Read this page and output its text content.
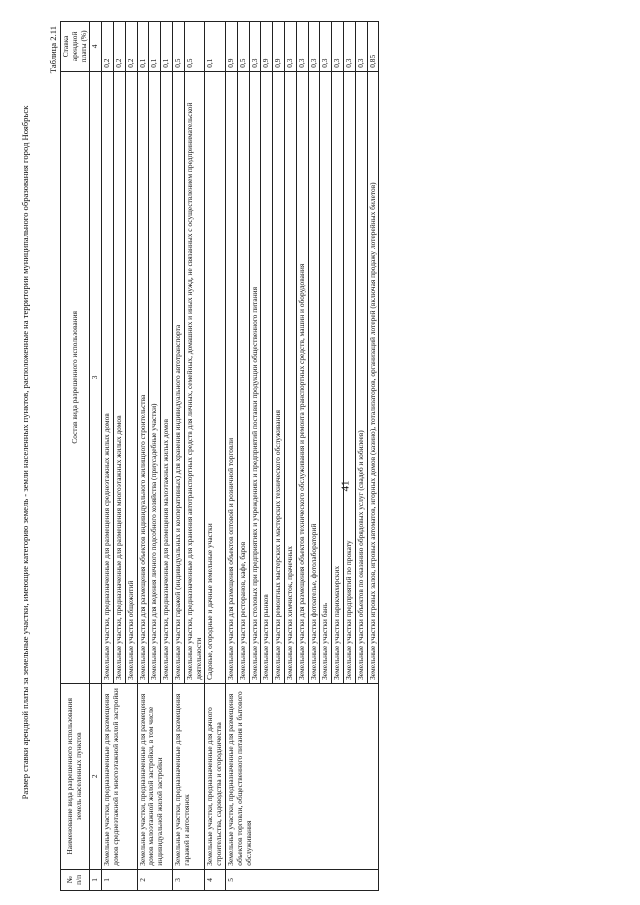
41
Размер ставки арендной платы за земельные участки, имеющие категорию земель - земли населенных пунктов, расположенные на территории муниципального образования город Ноябрьск
Таблица 2.11
№ п/п	Наименование вида разрешенного использования земель населенных пунктов	Состав вида разрешенного использования	Ставка арендной платы (%)
1	2	3	4
1	Земельные участки, предназначенные для размещения домов среднеэтажной и многоэтажной жилой застройки	Земельные участки, предназначенные для размещения среднеэтажных жилых домов	0,2
		Земельные участки, предназначенные для размещения многоэтажных жилых домов	0,2
		Земельные участки общежитий	0,2
2	Земельные участки, предназначенные для размещения домов малоэтажной жилой застройки, в том числе индивидуальной жилой застройки	Земельные участки для размещения объектов индивидуального жилищного строительства	0,1
		Земельные участки для ведения личного подсобного хозяйства (приусадебные участки)	0,1
		Земельные участки, предназначенные для размещения малоэтажных жилых домов	0,1
3	Земельные участки, предназначенные для размещения гаражей и автостоянок	Земельные участки гаражей (индивидуальных и кооперативных) для хранения индивидуального автотранспорта	0,5
		Земельные участки, предназначенные для хранения автотранспортных средств для личных, семейных, домашних и иных нужд, не связанных с осуществлением предпринимательской деятельности	0,5
4	Земельные участки, предназначенные для дачного строительства, садоводства и огородничества	Садовые, огородные и дачные земельные участки	0,1
5	Земельные участки, предназначенные для размещения объектов торговли, общественного питания и бытового обслуживания	Земельные участки для размещения объектов оптовой и розничной торговли	0,9
		Земельные участки ресторанов, кафе, баров	0,5
		Земельные участки столовых при предприятиях и учреждениях и предприятий поставки продукции общественного питания	0,3
		Земельные участки рынков	0,9
		Земельные участки ремонтных мастерских и мастерских технического обслуживания	0,9
		Земельные участки химчисток, прачечных	0,3
		Земельные участки для размещения объектов технического обслуживания и ремонта транспортных средств, машин и оборудования	0,3
		Земельные участки фотоателье, фотолабораторий	0,3
		Земельные участки бань	0,3
		Земельные участки парикмахерских	0,3
		Земельные участки предприятий по прокату	0,3
		Земельные участки объектов по оказанию обрядовых услуг (свадеб и юбилеев)	0,3
		Земельные участки игровых залов, игровых автоматов, игорных домов (казино), тотализаторов, организаций лотерей (включая продажу лотерейных билетов)	0,85
